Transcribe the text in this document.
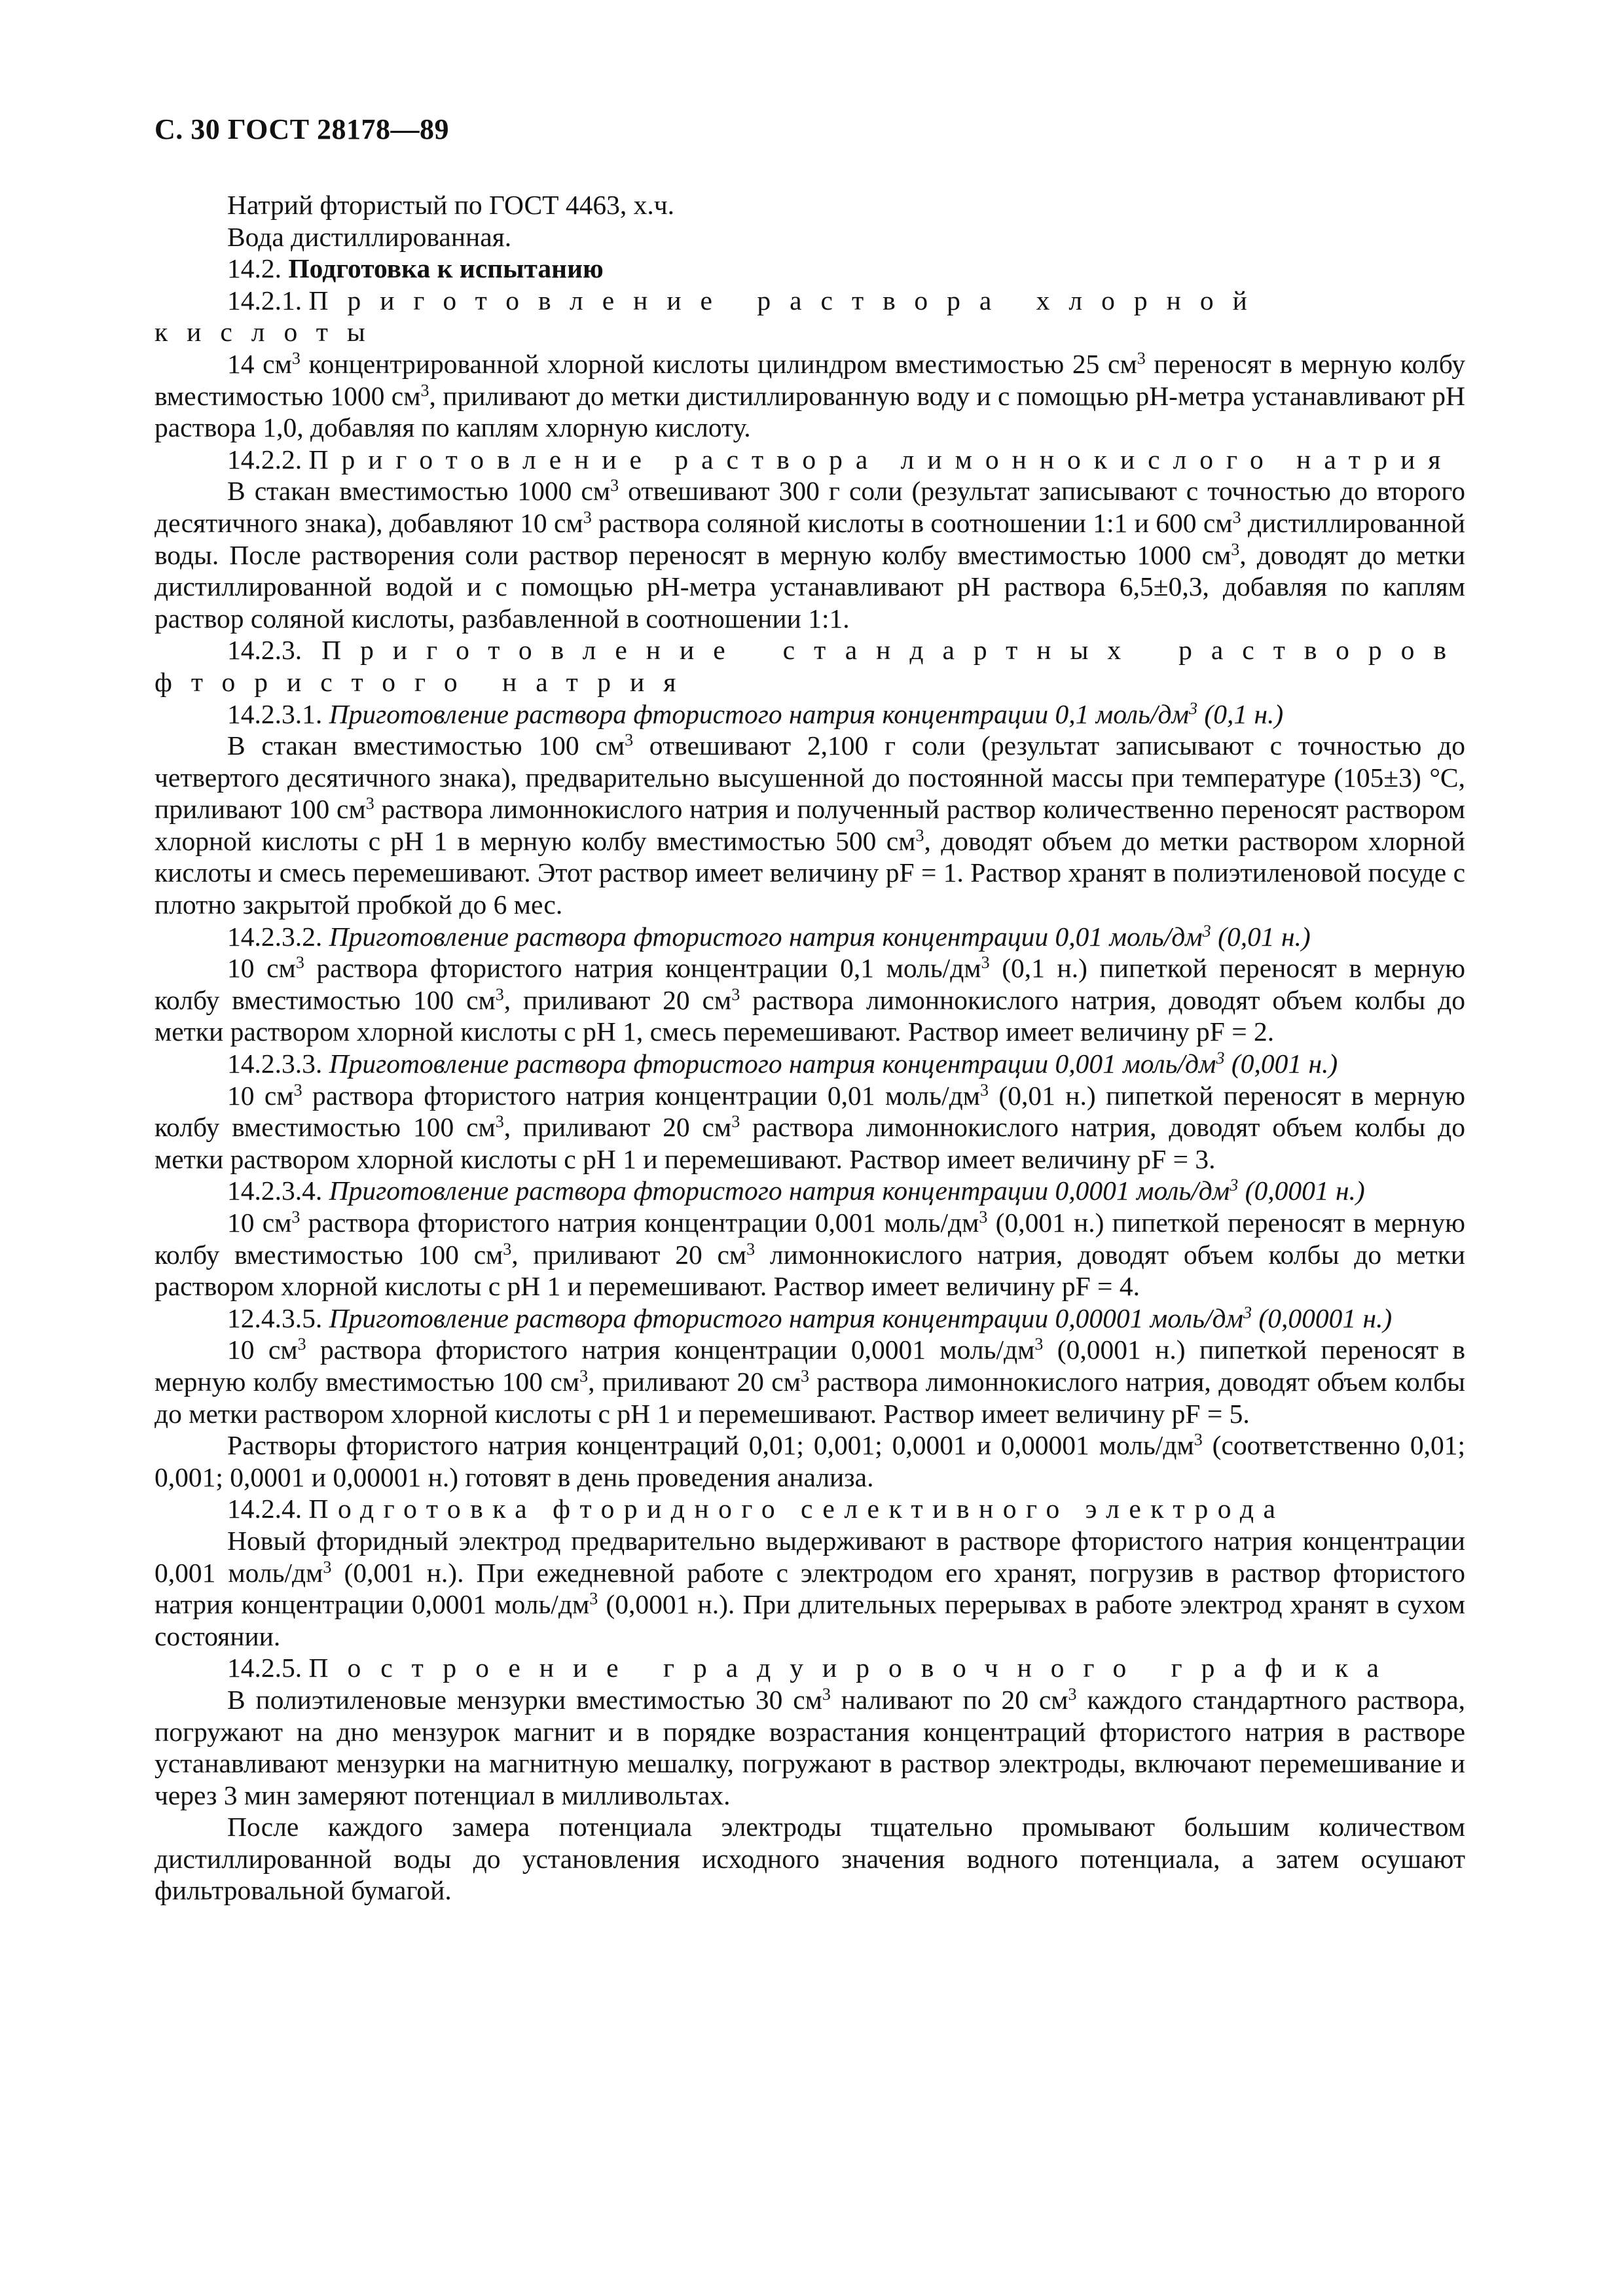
С. 30 ГОСТ 28178—89

Натрий фтористый по ГОСТ 4463, х.ч.

Вода дистиллированная.

14.2. Подготовка к испытанию

14.2.1. Приготовление раствора хлорной кислоты

14 $см^3$ концентрированной хлорной кислоты цилиндром вместимостью 25 $см^3$ переносят в мерную колбу вместимостью 1000 $см^3$, приливают до метки дистиллированную воду и с помощью рН-метра устанавливают рН раствора 1,0, добавляя по каплям хлорную кислоту.

14.2.2. Приготовление раствора лимоннокислого натрия

В стакан вместимостью 1000 $см^3$ отвешивают 300 г соли (результат записывают с точностью до второго десятичного знака), добавляют 10 $см^3$ раствора соляной кислоты в соотношении 1:1 и 600 $см^3$ дистиллированной воды. После растворения соли раствор переносят в мерную колбу вместимостью 1000 $см^3$, доводят до метки дистиллированной водой и с помощью рН-метра устанавливают рН раствора 6,5±0,3, добавляя по каплям раствор соляной кислоты, разбавленной в соотношении 1:1.

14.2.3. Приготовление стандартных растворов фтористого натрия

14.2.3.1. Приготовление раствора фтористого натрия концентрации 0,1 моль/$дм^3$ (0,1 н.)

В стакан вместимостью 100 $см^3$ отвешивают 2,100 г соли (результат записывают с точностью до четвертого десятичного знака), предварительно высушенной до постоянной массы при температуре (105±3) °С, приливают 100 $см^3$ раствора лимоннокислого натрия и полученный раствор количественно переносят раствором хлорной кислоты с рН 1 в мерную колбу вместимостью 500 $см^3$, доводят объем до метки раствором хлорной кислоты и смесь перемешивают. Этот раствор имеет величину pF = 1. Раствор хранят в полиэтиленовой посуде с плотно закрытой пробкой до 6 мес.

14.2.3.2. Приготовление раствора фтористого натрия концентрации 0,01 моль/$дм^3$ (0,01 н.)

10 $см^3$ раствора фтористого натрия концентрации 0,1 моль/$дм^3$ (0,1 н.) пипеткой переносят в мерную колбу вместимостью 100 $см^3$, приливают 20 $см^3$ раствора лимоннокислого натрия, доводят объем колбы до метки раствором хлорной кислоты с рН 1, смесь перемешивают. Раствор имеет величину pF = 2.

14.2.3.3. Приготовление раствора фтористого натрия концентрации 0,001 моль/$дм^3$ (0,001 н.)

10 $см^3$ раствора фтористого натрия концентрации 0,01 моль/$дм^3$ (0,01 н.) пипеткой переносят в мерную колбу вместимостью 100 $см^3$, приливают 20 $см^3$ раствора лимоннокислого натрия, доводят объем колбы до метки раствором хлорной кислоты с рН 1 и перемешивают. Раствор имеет величину pF = 3.

14.2.3.4. Приготовление раствора фтористого натрия концентрации 0,0001 моль/$дм^3$ (0,0001 н.)

10 $см^3$ раствора фтористого натрия концентрации 0,001 моль/$дм^3$ (0,001 н.) пипеткой переносят в мерную колбу вместимостью 100 $см^3$, приливают 20 $см^3$ лимоннокислого натрия, доводят объем колбы до метки раствором хлорной кислоты с рН 1 и перемешивают. Раствор имеет величину pF = 4.

12.4.3.5. Приготовление раствора фтористого натрия концентрации 0,00001 моль/$дм^3$ (0,00001 н.)

10 $см^3$ раствора фтористого натрия концентрации 0,0001 моль/$дм^3$ (0,0001 н.) пипеткой переносят в мерную колбу вместимостью 100 $см^3$, приливают 20 $см^3$ раствора лимоннокислого натрия, доводят объем колбы до метки раствором хлорной кислоты с рН 1 и перемешивают. Раствор имеет величину pF = 5.

Растворы фтористого натрия концентраций 0,01; 0,001; 0,0001 и 0,00001 моль/$дм^3$ (соответственно 0,01; 0,001; 0,0001 и 0,00001 н.) готовят в день проведения анализа.

14.2.4. Подготовка фторидного селективного электрода

Новый фторидный электрод предварительно выдерживают в растворе фтористого натрия концентрации 0,001 моль/$дм^3$ (0,001 н.). При ежедневной работе с электродом его хранят, погрузив в раствор фтористого натрия концентрации 0,0001 моль/$дм^3$ (0,0001 н.). При длительных перерывах в работе электрод хранят в сухом состоянии.

14.2.5. Построение градуировочного графика

В полиэтиленовые мензурки вместимостью 30 $см^3$ наливают по 20 $см^3$ каждого стандартного раствора, погружают на дно мензурок магнит и в порядке возрастания концентраций фтористого натрия в растворе устанавливают мензурки на магнитную мешалку, погружают в раствор электроды, включают перемешивание и через 3 мин замеряют потенциал в милливольтах.

После каждого замера потенциала электроды тщательно промывают большим количеством дистиллированной воды до установления исходного значения водного потенциала, а затем осушают фильтровальной бумагой.
